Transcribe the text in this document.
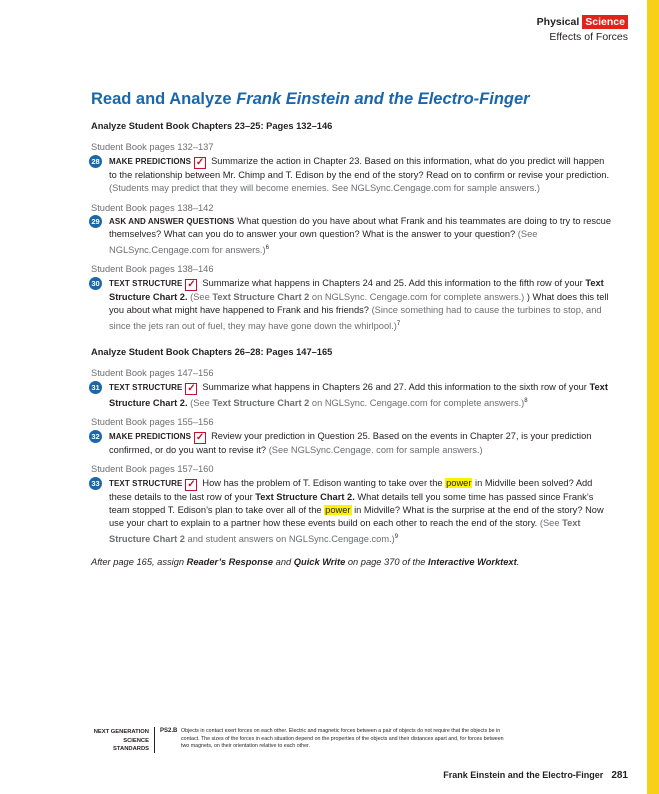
Physical Science
Effects of Forces
Read and Analyze Frank Einstein and the Electro-Finger
Analyze Student Book Chapters 23–25: Pages 132–146
Student Book pages 132–137
28 MAKE PREDICTIONS ✓ Summarize the action in Chapter 23. Based on this information, what do you predict will happen to the relationship between Mr. Chimp and T. Edison by the end of the story? Read on to confirm or revise your prediction. (Students may predict that they will become enemies. See NGLSync.Cengage.com for sample answers.)
Student Book pages 138–142
29 ASK AND ANSWER QUESTIONS What question do you have about what Frank and his teammates are doing to try to rescue themselves? What can you do to answer your own question? What is the answer to your question? (See NGLSync.Cengage.com for answers.)$^6$
Student Book pages 138–146
30 TEXT STRUCTURE ✓ Summarize what happens in Chapters 24 and 25. Add this information to the fifth row of your Text Structure Chart 2. (See Text Structure Chart 2 on NGLSync. Cengage.com for complete answers.) ) What does this tell you about what might have happened to Frank and his friends? (Since something had to cause the turbines to stop, and since the jets ran out of fuel, they may have gone down the whirlpool.)$^7$
Analyze Student Book Chapters 26–28: Pages 147–165
Student Book pages 147–156
31 TEXT STRUCTURE ✓ Summarize what happens in Chapters 26 and 27. Add this information to the sixth row of your Text Structure Chart 2. (See Text Structure Chart 2 on NGLSync. Cengage.com for complete answers.)$^8$
Student Book pages 155–156
32 MAKE PREDICTIONS ✓ Review your prediction in Question 25. Based on the events in Chapter 27, is your prediction confirmed, or do you want to revise it? (See NGLSync.Cengage. com for sample answers.)
Student Book pages 157–160
33 TEXT STRUCTURE ✓ How has the problem of T. Edison wanting to take over the power in Midville been solved? Add these details to the last row of your Text Structure Chart 2. What details tell you some time has passed since Frank’s team stopped T. Edison’s plan to take over all of the power in Midville? What is the surprise at the end of the story? Now use your chart to explain to a partner how these events build on each other to reach the end of the story. (See Text Structure Chart 2 and student answers on NGLSync.Cengage.com.)$^9$
After page 165, assign Reader’s Response and Quick Write on page 370 of the Interactive Worktext.
NEXT GENERATION
SCIENCE
STANDARDS
PS2.B Objects in contact exert forces on each other. Electric and magnetic forces between a pair of objects do not require that the objects be in contact. The sizes of the forces in each situation depend on the properties of the objects and their distances apart and, for forces between two magnets, on their orientation relative to each other.
Frank Einstein and the Electro-Finger 281
